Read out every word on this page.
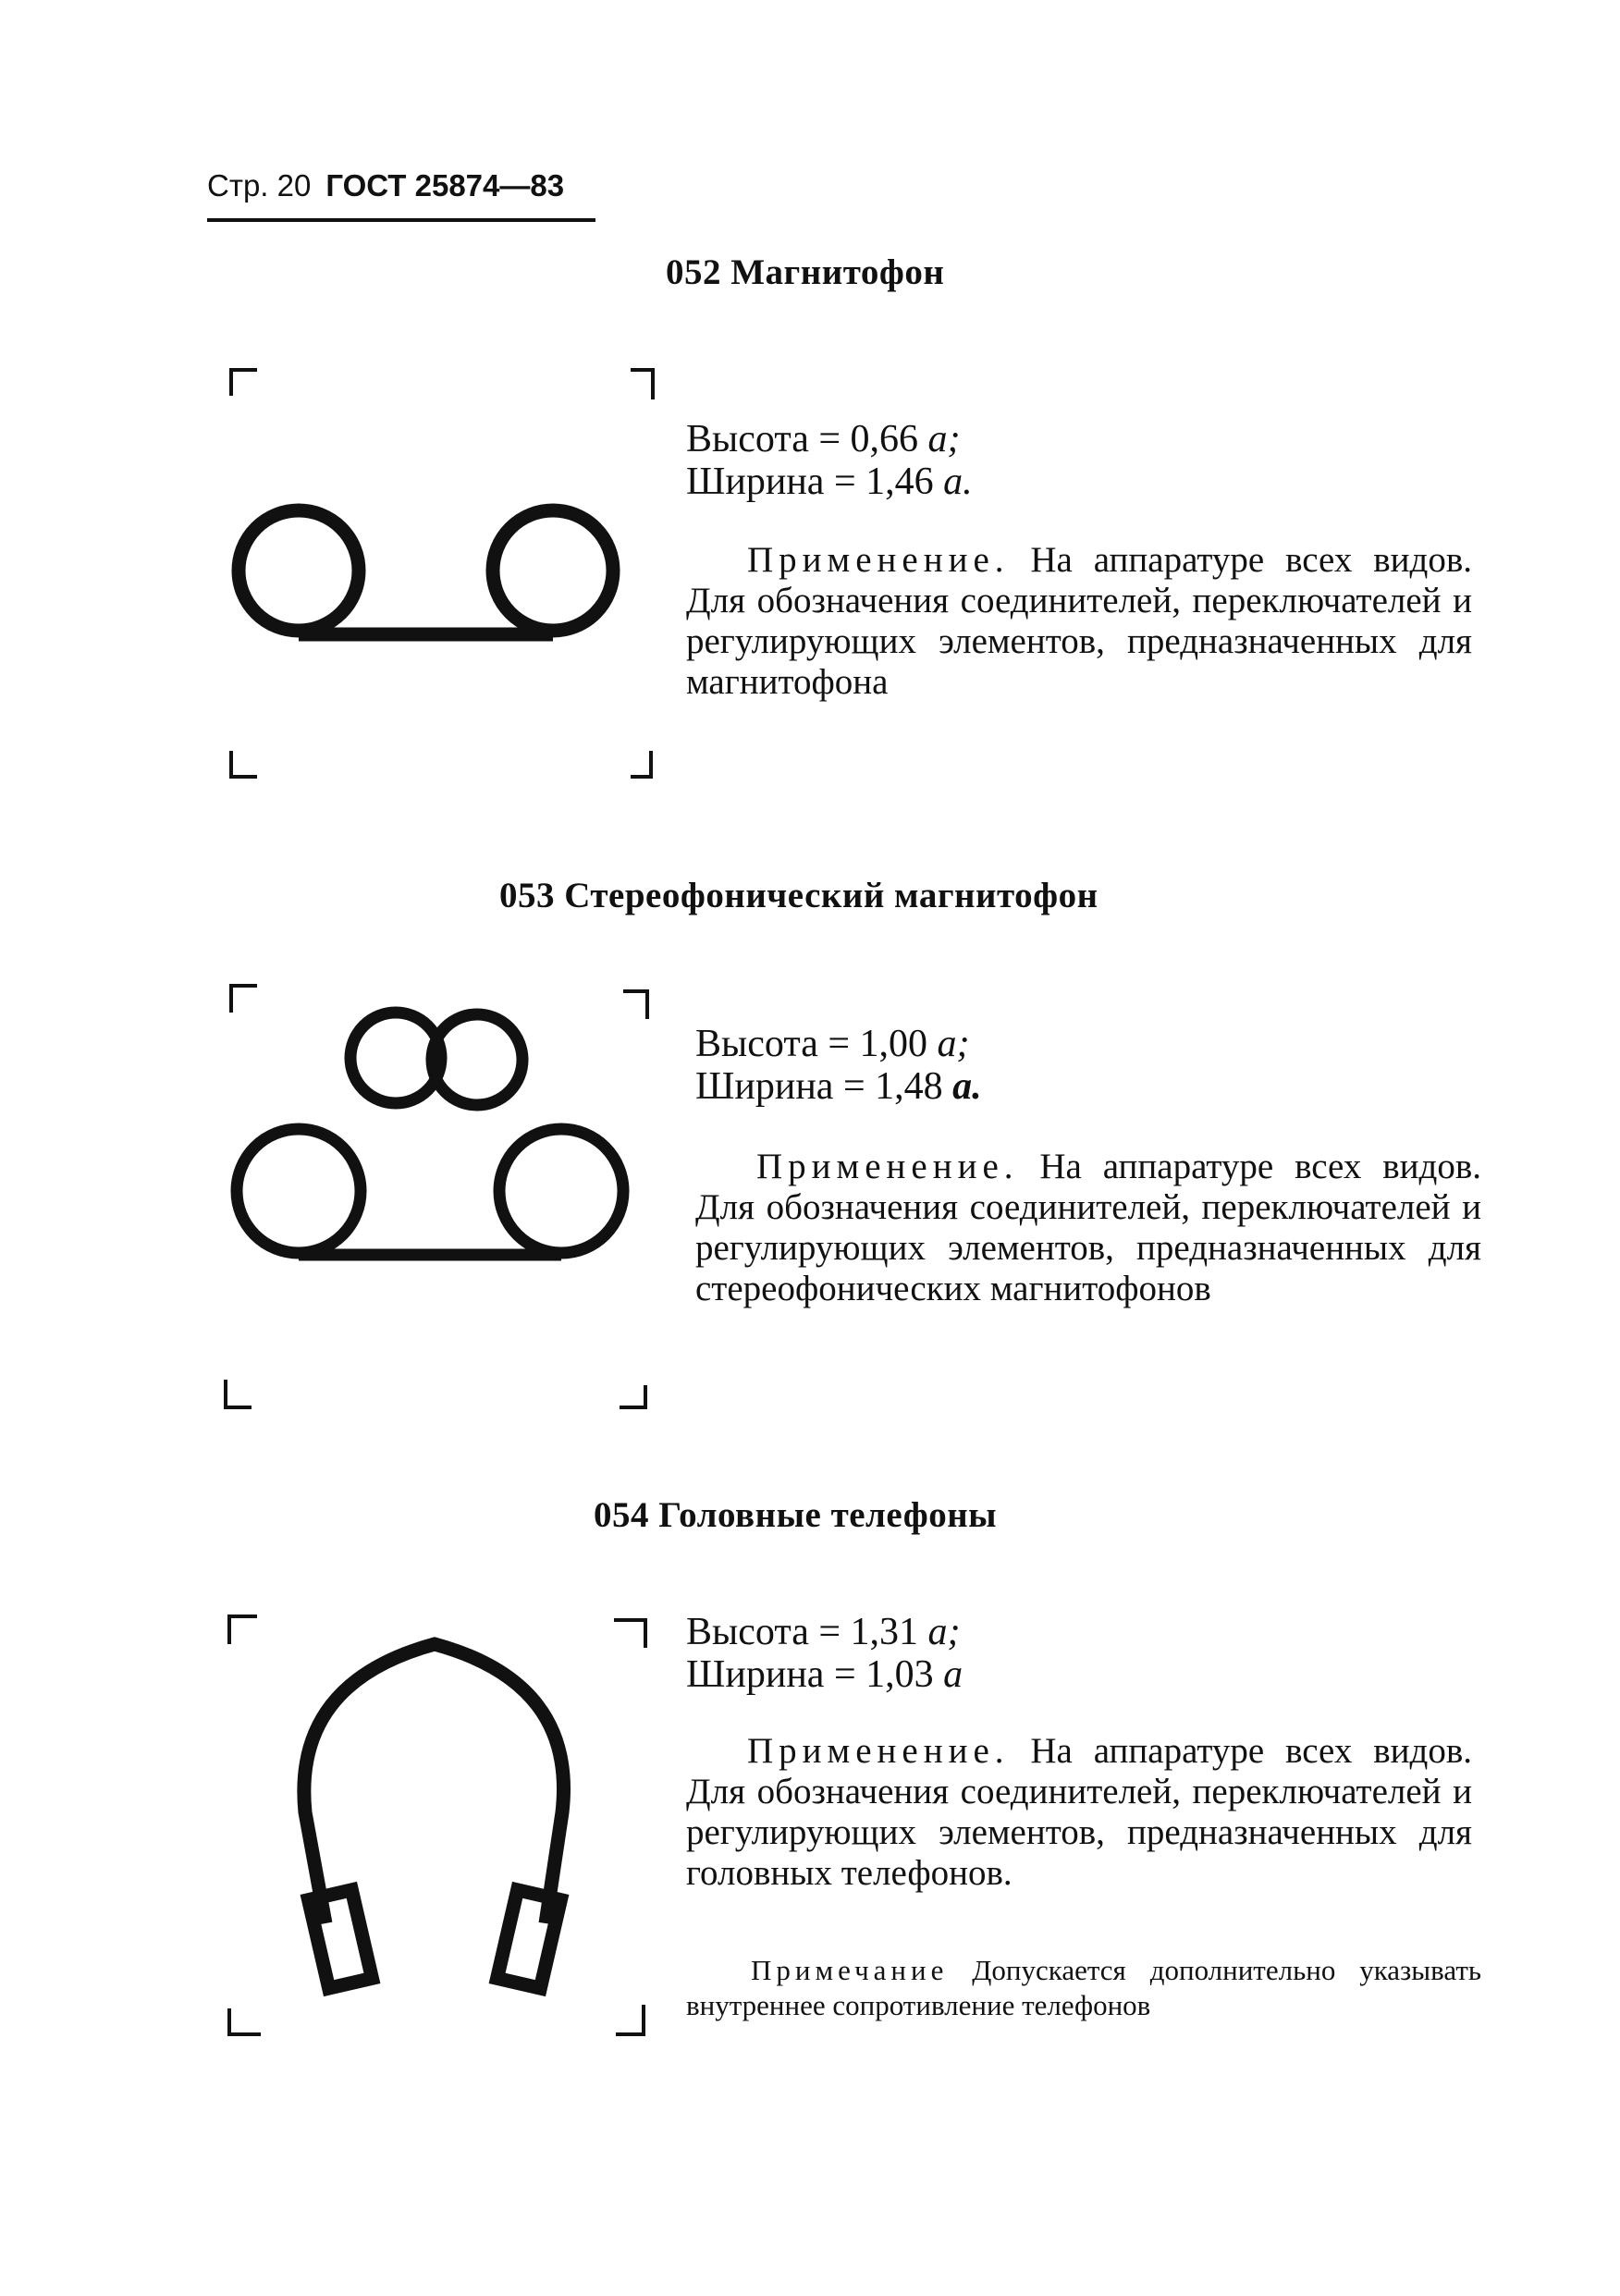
Стр. 20 ГОСТ 25874—83
052 Магнитофон
Высота = 0,66 a;
Ширина = 1,46 a.
Применение. На аппаратуре всех видов. Для обозначения соединителей, переключателей и регулирующих элементов, предназначенных для магнитофона
053 Стереофонический магнитофон
Высота = 1,00 a;
Ширина = 1,48 a.
Применение. На аппаратуре всех видов. Для обозначения соединителей, переключателей и регулирующих элементов, предназначенных для стереофонических магнитофонов
054 Головные телефоны
Высота = 1,31 a;
Ширина = 1,03 a
Применение. На аппаратуре всех видов. Для обозначения соединителей, переключателей и регулирующих элементов, предназначенных для головных телефонов.
Примечание Допускается дополнительно указывать внутреннее сопротивление телефонов
